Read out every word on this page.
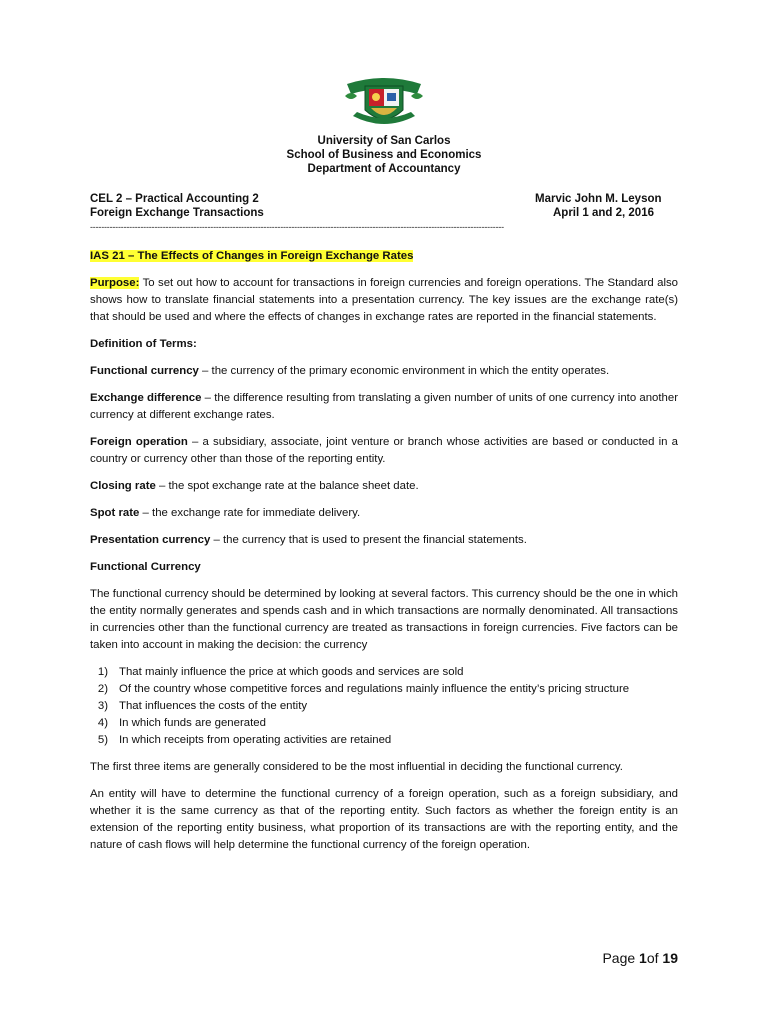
University of San Carlos
School of Business and Economics
Department of Accountancy
CEL 2 – Practical Accounting 2
Foreign Exchange Transactions
Marvic John M. Leyson
April 1 and 2, 2016
----------------------------------------------------------------------------------------------------------------------------------------------------

IAS 21 – The Effects of Changes in Foreign Exchange Rates

Purpose: To set out how to account for transactions in foreign currencies and foreign operations. The Standard also shows how to translate financial statements into a presentation currency. The key issues are the exchange rate(s) that should be used and where the effects of changes in exchange rates are reported in the financial statements.

Definition of Terms:

Functional currency – the currency of the primary economic environment in which the entity operates.

Exchange difference – the difference resulting from translating a given number of units of one currency into another currency at different exchange rates.

Foreign operation – a subsidiary, associate, joint venture or branch whose activities are based or conducted in a country or currency other than those of the reporting entity.

Closing rate – the spot exchange rate at the balance sheet date.

Spot rate – the exchange rate for immediate delivery.

Presentation currency – the currency that is used to present the financial statements.

Functional Currency

The functional currency should be determined by looking at several factors. This currency should be the one in which the entity normally generates and spends cash and in which transactions are normally denominated. All transactions in currencies other than the functional currency are treated as transactions in foreign currencies. Five factors can be taken into account in making the decision: the currency

1) That mainly influence the price at which goods and services are sold
2) Of the country whose competitive forces and regulations mainly influence the entity’s pricing structure
3) That influences the costs of the entity
4) In which funds are generated
5) In which receipts from operating activities are retained

The first three items are generally considered to be the most influential in deciding the functional currency.

An entity will have to determine the functional currency of a foreign operation, such as a foreign subsidiary, and whether it is the same currency as that of the reporting entity. Such factors as whether the foreign entity is an extension of the reporting entity business, what proportion of its transactions are with the reporting entity, and the nature of cash flows will help determine the functional currency of the foreign operation.

Page 1of 19
